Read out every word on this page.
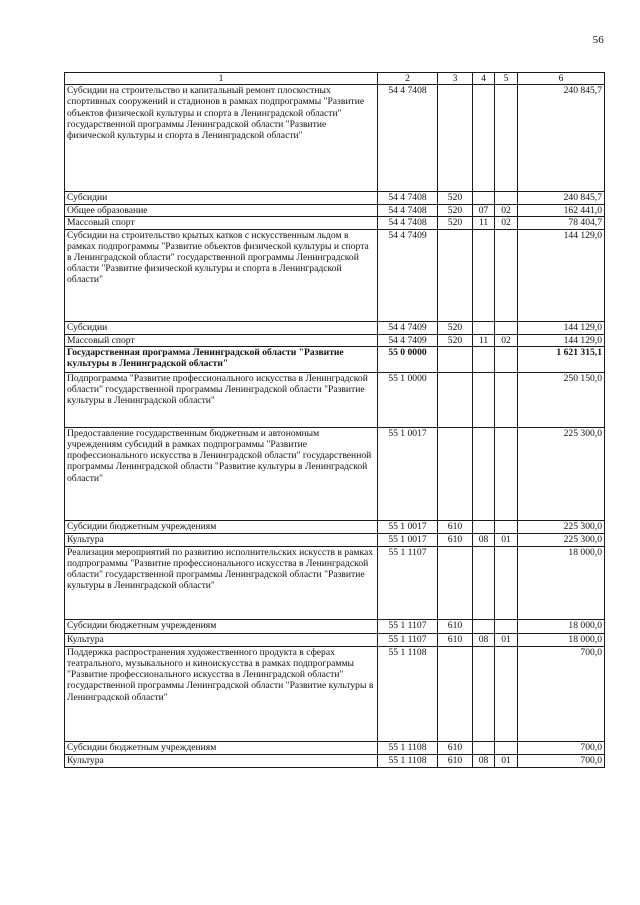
56
1	2	3	4	5	6
Субсидии на строительство и капитальный ремонт плоскостных спортивных сооружений и стадионов в рамках подпрограммы "Развитие объектов физической культуры и спорта в Ленинградской области" государственной программы Ленинградской области "Развитие физической культуры и спорта в Ленинградской области"	54 4 7408				240 845,7
Субсидии	54 4 7408	520			240 845,7
Общее образование	54 4 7408	520	07	02	162 441,0
Массовый спорт	54 4 7408	520	11	02	78 404,7
Субсидии на строительство крытых катков с искусственным льдом в рамках подпрограммы "Развитие объектов физической культуры и спорта в Ленинградской области" государственной программы Ленинградской области "Развитие физической культуры и спорта в Ленинградской области"	54 4 7409				144 129,0
Субсидии	54 4 7409	520			144 129,0
Массовый спорт	54 4 7409	520	11	02	144 129,0
Государственная программа Ленинградской области "Развитие культуры в Ленинградской области"	55 0 0000				1 621 315,1
Подпрограмма "Развитие профессионального искусства в Ленинградской области" государственной программы Ленинградской области "Развитие культуры в Ленинградской области"	55 1 0000				250 150,0
Предоставление государственным бюджетным и автономным учреждениям субсидий в рамках подпрограммы "Развитие профессионального искусства в Ленинградской области" государственной программы Ленинградской области "Развитие культуры в Ленинградской области"	55 1 0017				225 300,0
Субсидии бюджетным учреждениям	55 1 0017	610			225 300,0
Культура	55 1 0017	610	08	01	225 300,0
Реализация мероприятий по развитию исполнительских искусств в рамках подпрограммы "Развитие профессионального искусства в Ленинградской области" государственной программы Ленинградской области "Развитие культуры в Ленинградской области"	55 1 1107				18 000,0
Субсидии бюджетным учреждениям	55 1 1107	610			18 000,0
Культура	55 1 1107	610	08	01	18 000,0
Поддержка распространения художественного продукта в сферах театрального, музыкального и киноискусства в рамках подпрограммы "Развитие профессионального искусства в Ленинградской области" государственной программы Ленинградской области "Развитие культуры в Ленинградской области"	55 1 1108				700,0
Субсидии бюджетным учреждениям	55 1 1108	610			700,0
Культура	55 1 1108	610	08	01	700,0
